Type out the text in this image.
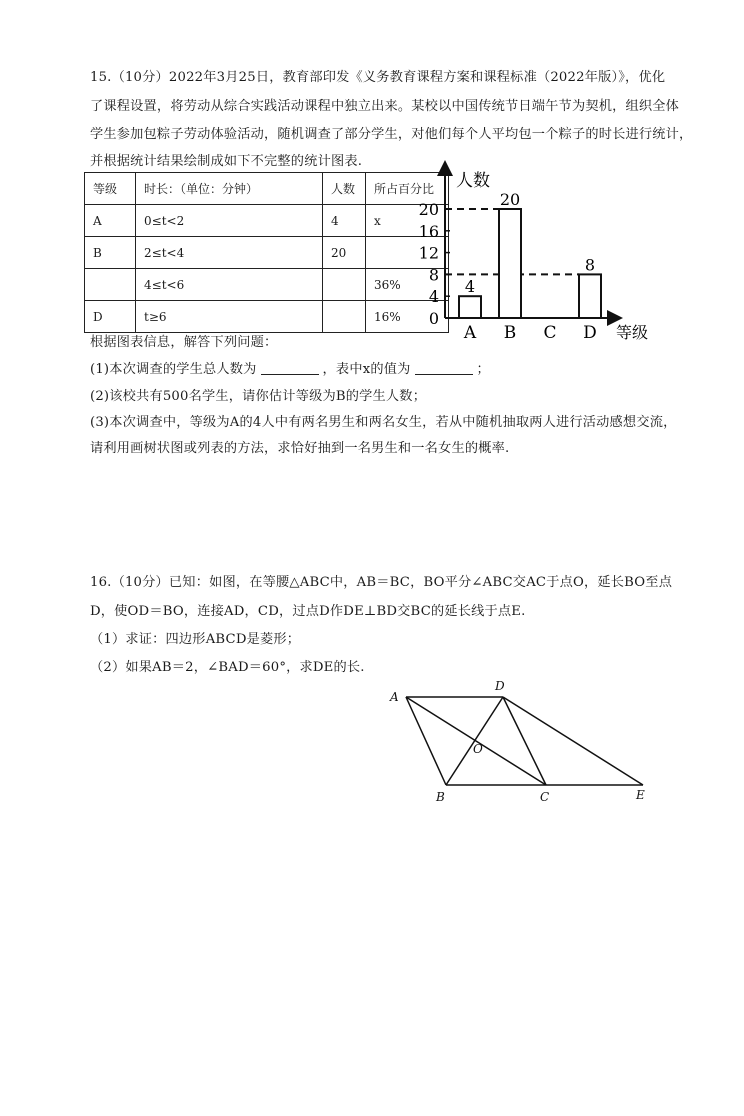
15.（10分）2022年3月25日，教育部印发《义务教育课程方案和课程标准（2022年版）》，优化
了课程设置，将劳动从综合实践活动课程中独立出来。某校以中国传统节日端午节为契机，组织全体
学生参加包粽子劳动体验活动，随机调查了部分学生，对他们每个人平均包一个粽子的时长进行统计，
并根据统计结果绘制成如下不完整的统计图表.
等级	时长：（单位：分钟）	人数	所占百分比
A	0≤t<2	4	x
B	2≤t<4	20	
	4≤t<6		36%
D	t≥6		16%
人数
等级
0
4
8
12
16
20
A
4
B
20
C D
8
根据图表信息，解答下列问题：
(1)本次调查的学生总人数为	，表中x的值为	；
(2)该校共有500名学生，请你估计等级为B的学生人数；
(3)本次调查中，等级为A的4人中有两名男生和两名女生，若从中随机抽取两人进行活动感想交流，
请利用画树状图或列表的方法，求恰好抽到一名男生和一名女生的概率.
16.（10分）已知：如图，在等腰△ABC中，AB＝BC，BO平分∠ABC交AC于点O，延长BO至点
D，使OD＝BO，连接AD，CD，过点D作DE⊥BD交BC的延长线于点E.
（1）求证：四边形ABCD是菱形；
（2）如果AB＝2，∠BAD＝60°，求DE的长.
A
D
O
B	C	E
